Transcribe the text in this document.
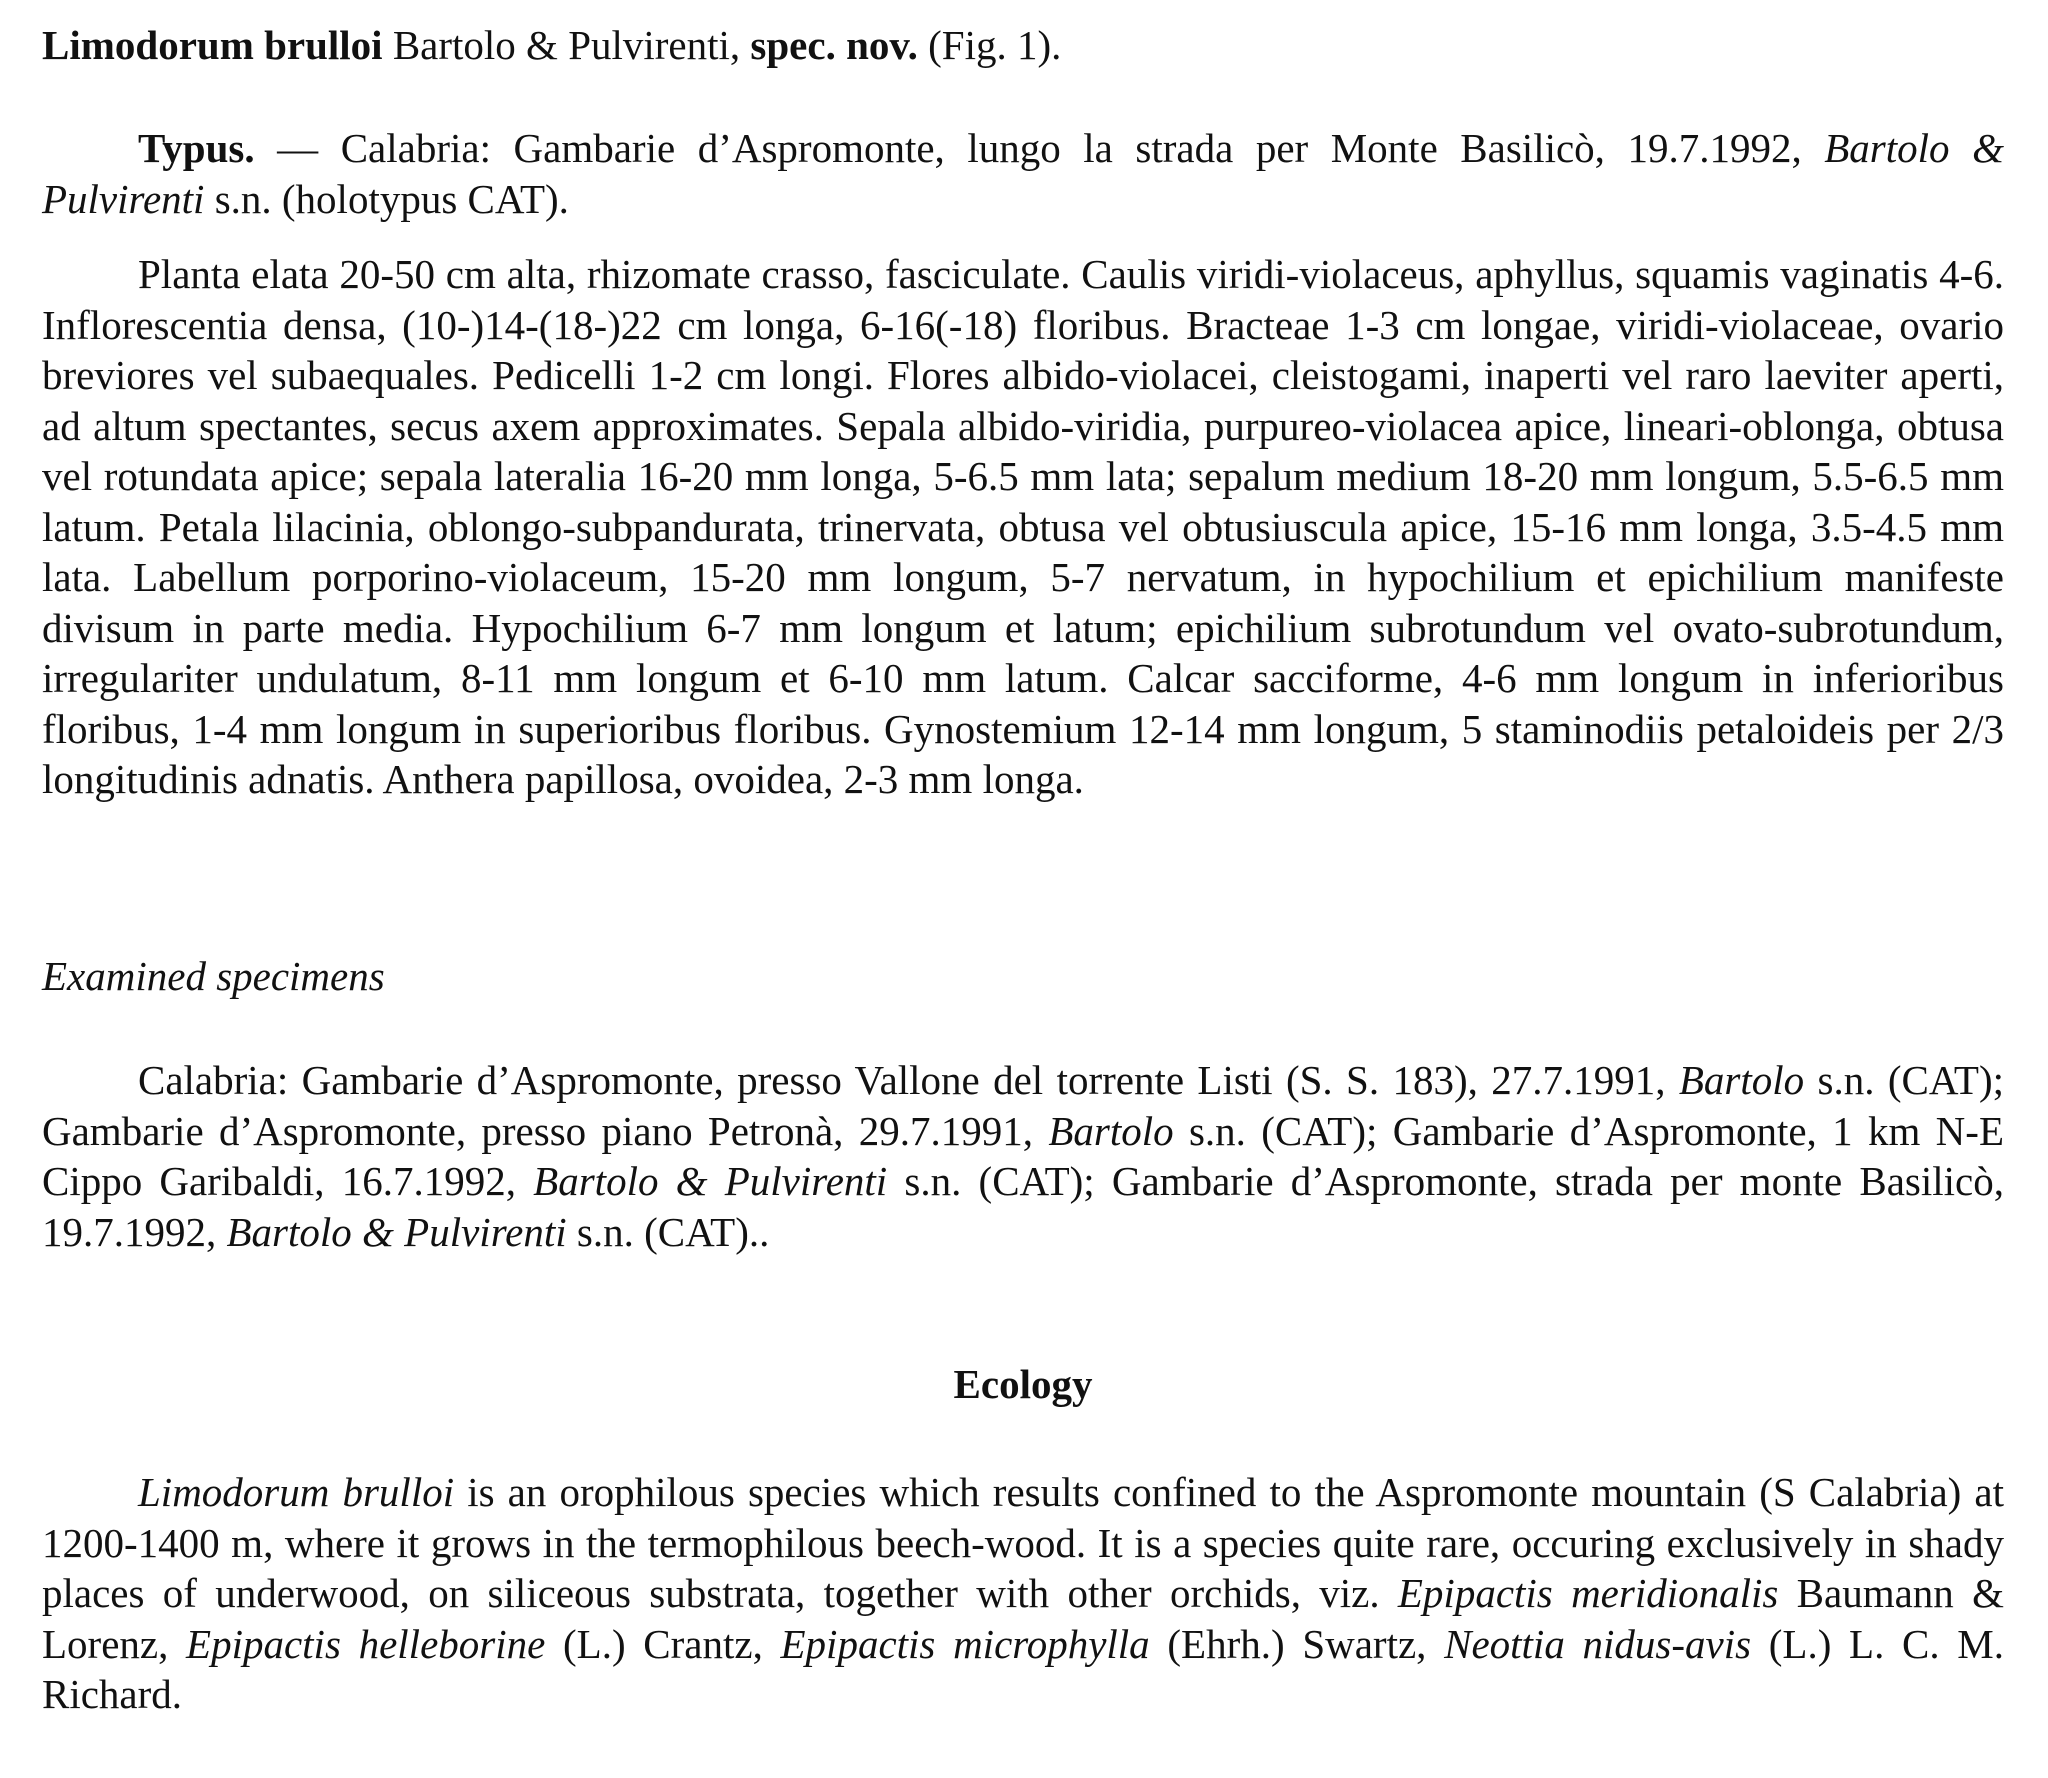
Limodorum brulloi Bartolo & Pulvirenti, spec. nov. (Fig. 1).

Typus. — Calabria: Gambarie d’Aspromonte, lungo la strada per Monte Basilicò, 19.7.1992, Bartolo & Pulvirenti s.n. (holotypus CAT).

Planta elata 20-50 cm alta, rhizomate crasso, fasciculate. Caulis viridi-violaceus, aphyllus, squamis vaginatis 4-6. Inflorescentia densa, (10-)14-(18-)22 cm longa, 6-16(-18) floribus. Bracteae 1-3 cm longae, viridi-violaceae, ovario breviores vel subaequales. Pedicelli 1-2 cm longi. Flores albido-violacei, cleistogami, inaperti vel raro laeviter aperti, ad altum spectantes, secus axem approximates. Sepala albido-viridia, purpureo-violacea apice, lineari-oblonga, obtusa vel rotundata apice; sepala lateralia 16-20 mm longa, 5-6.5 mm lata; sepalum medium 18-20 mm longum, 5.5-6.5 mm latum. Petala lilacinia, oblongo-subpandurata, trinervata, obtusa vel obtusiuscula apice, 15-16 mm longa, 3.5-4.5 mm lata. Labellum porporino-violaceum, 15-20 mm longum, 5-7 nervatum, in hypochilium et epichilium manifeste divisum in parte media. Hypochilium 6-7 mm longum et latum; epichilium subrotundum vel ovato-subrotundum, irregulariter undulatum, 8-11 mm longum et 6-10 mm latum. Calcar sacciforme, 4-6 mm longum in inferioribus floribus, 1-4 mm longum in superioribus floribus. Gynostemium 12-14 mm longum, 5 staminodiis petaloideis per 2/3 longitudinis adnatis. Anthera papillosa, ovoidea, 2-3 mm longa.

Examined specimens

Calabria: Gambarie d’Aspromonte, presso Vallone del torrente Listi (S. S. 183), 27.7.1991, Bartolo s.n. (CAT); Gambarie d’Aspromonte, presso piano Petronà, 29.7.1991, Bartolo s.n. (CAT); Gambarie d’Aspromonte, 1 km N-E Cippo Garibaldi, 16.7.1992, Bartolo & Pulvirenti s.n. (CAT); Gambarie d’Aspromonte, strada per monte Basilicò, 19.7.1992, Bartolo & Pulvirenti s.n. (CAT)..

Ecology

Limodorum brulloi is an orophilous species which results confined to the Aspromonte mountain (S Calabria) at 1200-1400 m, where it grows in the termophilous beech-wood. It is a species quite rare, occuring exclusively in shady places of underwood, on siliceous substrata, together with other orchids, viz. Epipactis meridionalis Baumann & Lorenz, Epipactis helleborine (L.) Crantz, Epipactis microphylla (Ehrh.) Swartz, Neottia nidus-avis (L.) L. C. M. Richard.
